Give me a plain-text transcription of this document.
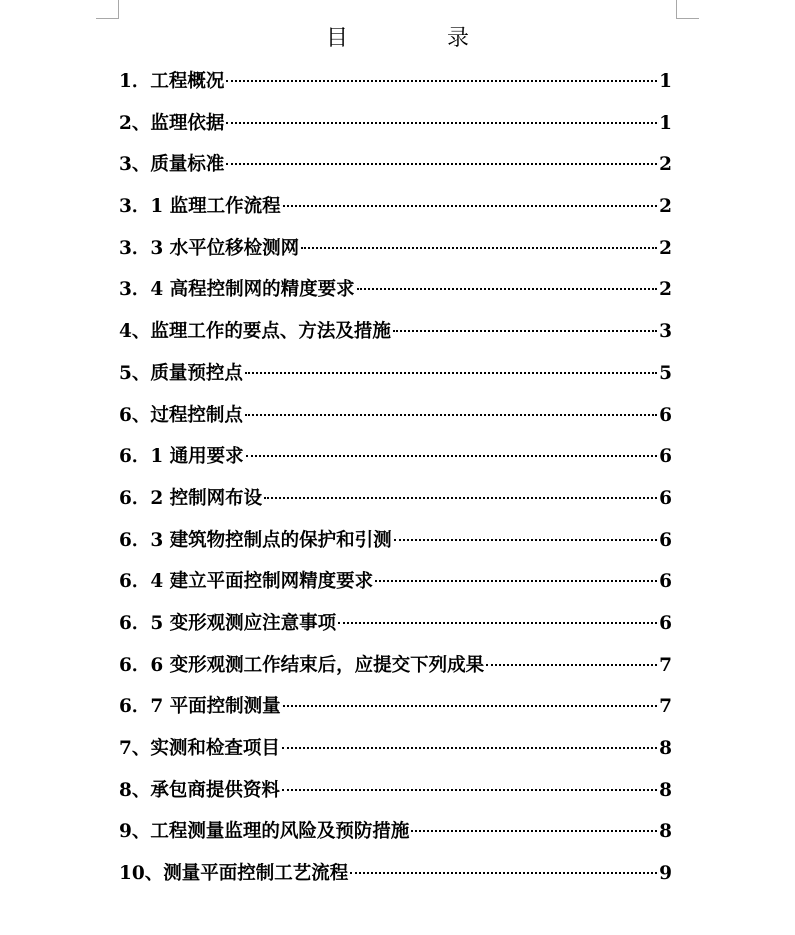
目 录
1．工程概况	1
2、监理依据	1
3、质量标准	2
3．1 监理工作流程	2
3．3 水平位移检测网	2
3．4 高程控制网的精度要求	2
4、监理工作的要点、方法及措施	3
5、质量预控点	5
6、过程控制点	6
6．1 通用要求	6
6．2 控制网布设	6
6．3 建筑物控制点的保护和引测	6
6．4 建立平面控制网精度要求	6
6．5 变形观测应注意事项	6
6．6 变形观测工作结束后，应提交下列成果	7
6．7 平面控制测量	7
7、实测和检查项目	8
8、承包商提供资料	8
9、工程测量监理的风险及预防措施	8
10、测量平面控制工艺流程	9
